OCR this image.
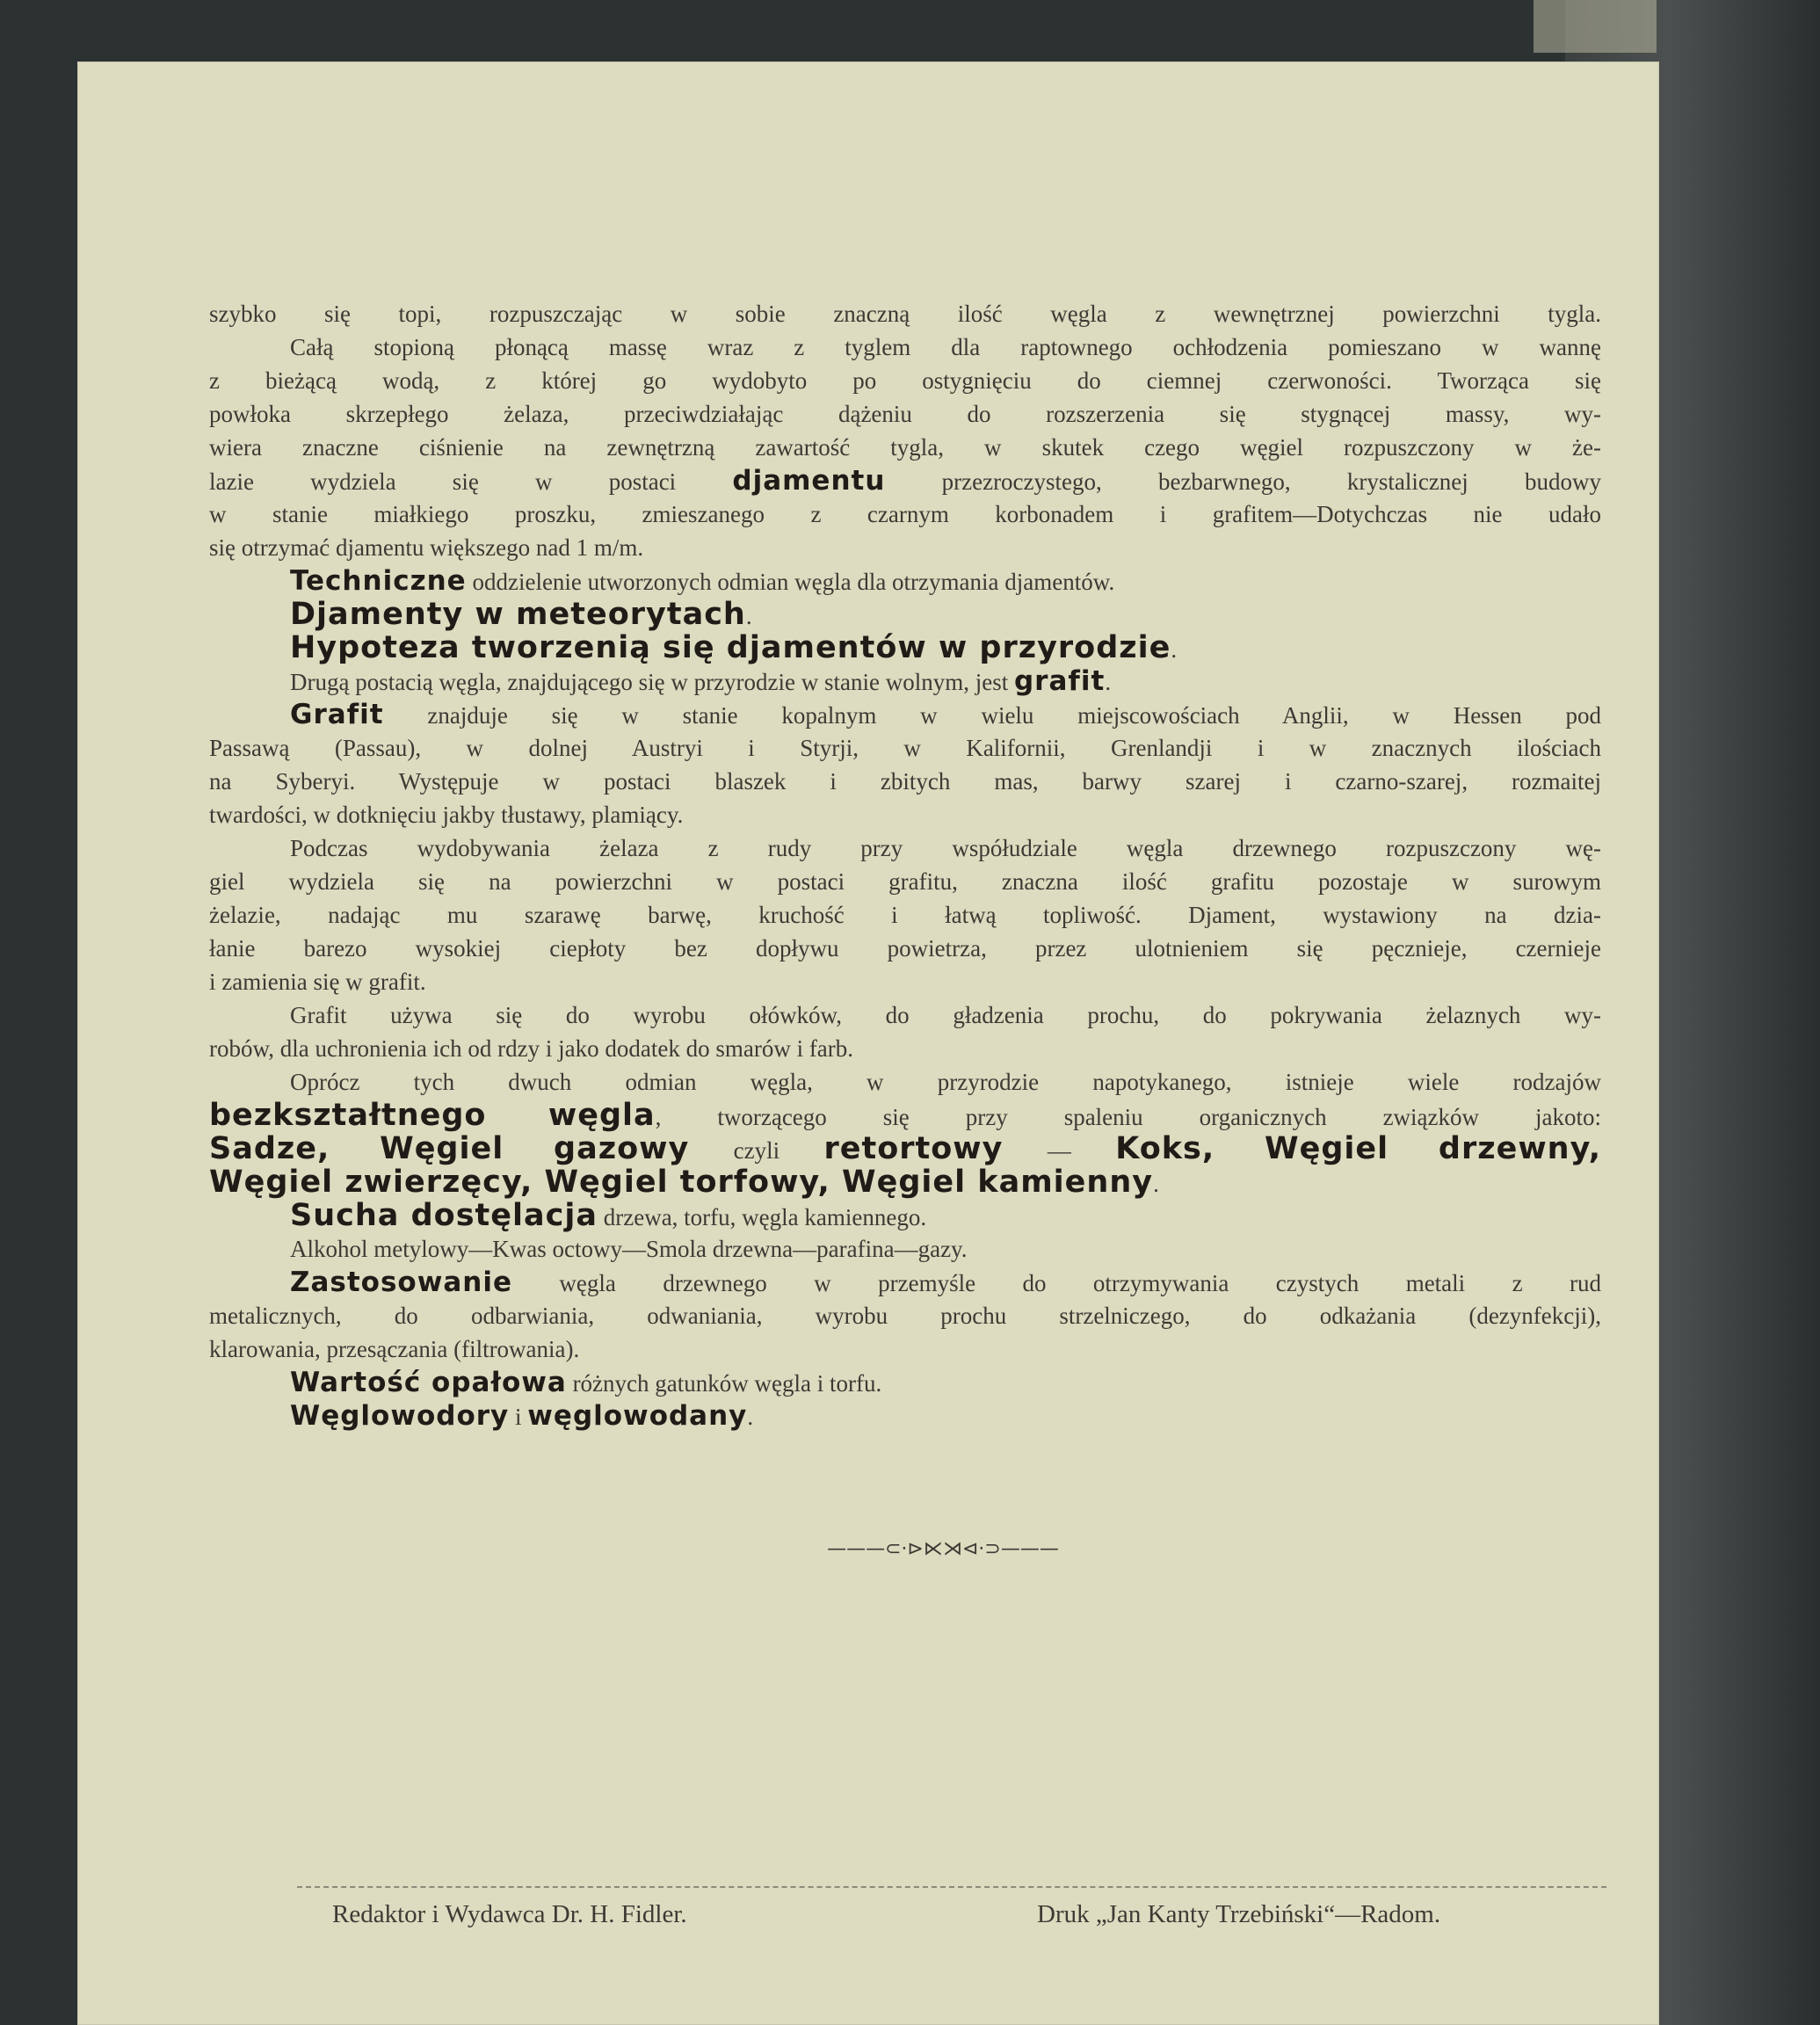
szybko się topi, rozpuszczając w sobie znaczną ilość węgla z wewnętrznej powierzchni tygla.
Całą stopioną płonącą massę wraz z tyglem dla raptownego ochłodzenia pomieszano w wannę
z bieżącą wodą, z której go wydobyto po ostygnięciu do ciemnej czerwoności. Tworząca się
powłoka skrzepłego żelaza, przeciwdziałając dążeniu do rozszerzenia się stygnącej massy, wy-
wiera znaczne ciśnienie na zewnętrzną zawartość tygla, w skutek czego węgiel rozpuszczony w że-
lazie wydziela się w postaci djamentu przezroczystego, bezbarwnego, krystalicznej budowy
w stanie miałkiego proszku, zmieszanego z czarnym korbonadem i grafitem—Dotychczas nie udało
się otrzymać djamentu większego nad 1 m/m.
Techniczne oddzielenie utworzonych odmian węgla dla otrzymania djamentów.
Djamenty w meteorytach.
Hypoteza tworzenią się djamentów w przyrodzie.
Drugą postacią węgla, znajdującego się w przyrodzie w stanie wolnym, jest grafit.
Grafit znajduje się w stanie kopalnym w wielu miejscowościach Anglii, w Hessen pod
Passawą (Passau), w dolnej Austryi i Styrji, w Kalifornii, Grenlandji i w znacznych ilościach
na Syberyi. Występuje w postaci blaszek i zbitych mas, barwy szarej i czarno-szarej, rozmaitej
twardości, w dotknięciu jakby tłustawy, plamiący.
Podczas wydobywania żelaza z rudy przy współudziale węgla drzewnego rozpuszczony wę-
giel wydziela się na powierzchni w postaci grafitu, znaczna ilość grafitu pozostaje w surowym
żelazie, nadając mu szarawę barwę, kruchość i łatwą topliwość. Djament, wystawiony na dzia-
łanie barezo wysokiej ciepłoty bez dopływu powietrza, przez ulotnieniem się pęcznieje, czernieje
i zamienia się w grafit.
Grafit używa się do wyrobu ołówków, do gładzenia prochu, do pokrywania żelaznych wy-
robów, dla uchronienia ich od rdzy i jako dodatek do smarów i farb.
Oprócz tych dwuch odmian węgla, w przyrodzie napotykanego, istnieje wiele rodzajów
bezkształtnego węgla, tworzącego się przy spaleniu organicznych związków jakoto:
Sadze, Węgiel gazowy czyli retortowy — Koks, Węgiel drzewny,
Węgiel zwierzęcy, Węgiel torfowy, Węgiel kamienny.
Sucha dostęlacja drzewa, torfu, węgla kamiennego.
Alkohol metylowy—Kwas octowy—Smola drzewna—parafina—gazy.
Zastosowanie węgla drzewnego w przemyśle do otrzymywania czystych metali z rud
metalicznych, do odbarwiania, odwaniania, wyrobu prochu strzelniczego, do odkażania (dezynfekcji),
klarowania, przesączania (filtrowania).
Wartość opałowa różnych gatunków węgla i torfu.
Węglowodory i węglowodany.
———⊂⋅⊳⋉⋊⊲⋅⊃———
Redaktor i Wydawca Dr. H. Fidler.	Druk „Jan Kanty Trzebiński“—Radom.
